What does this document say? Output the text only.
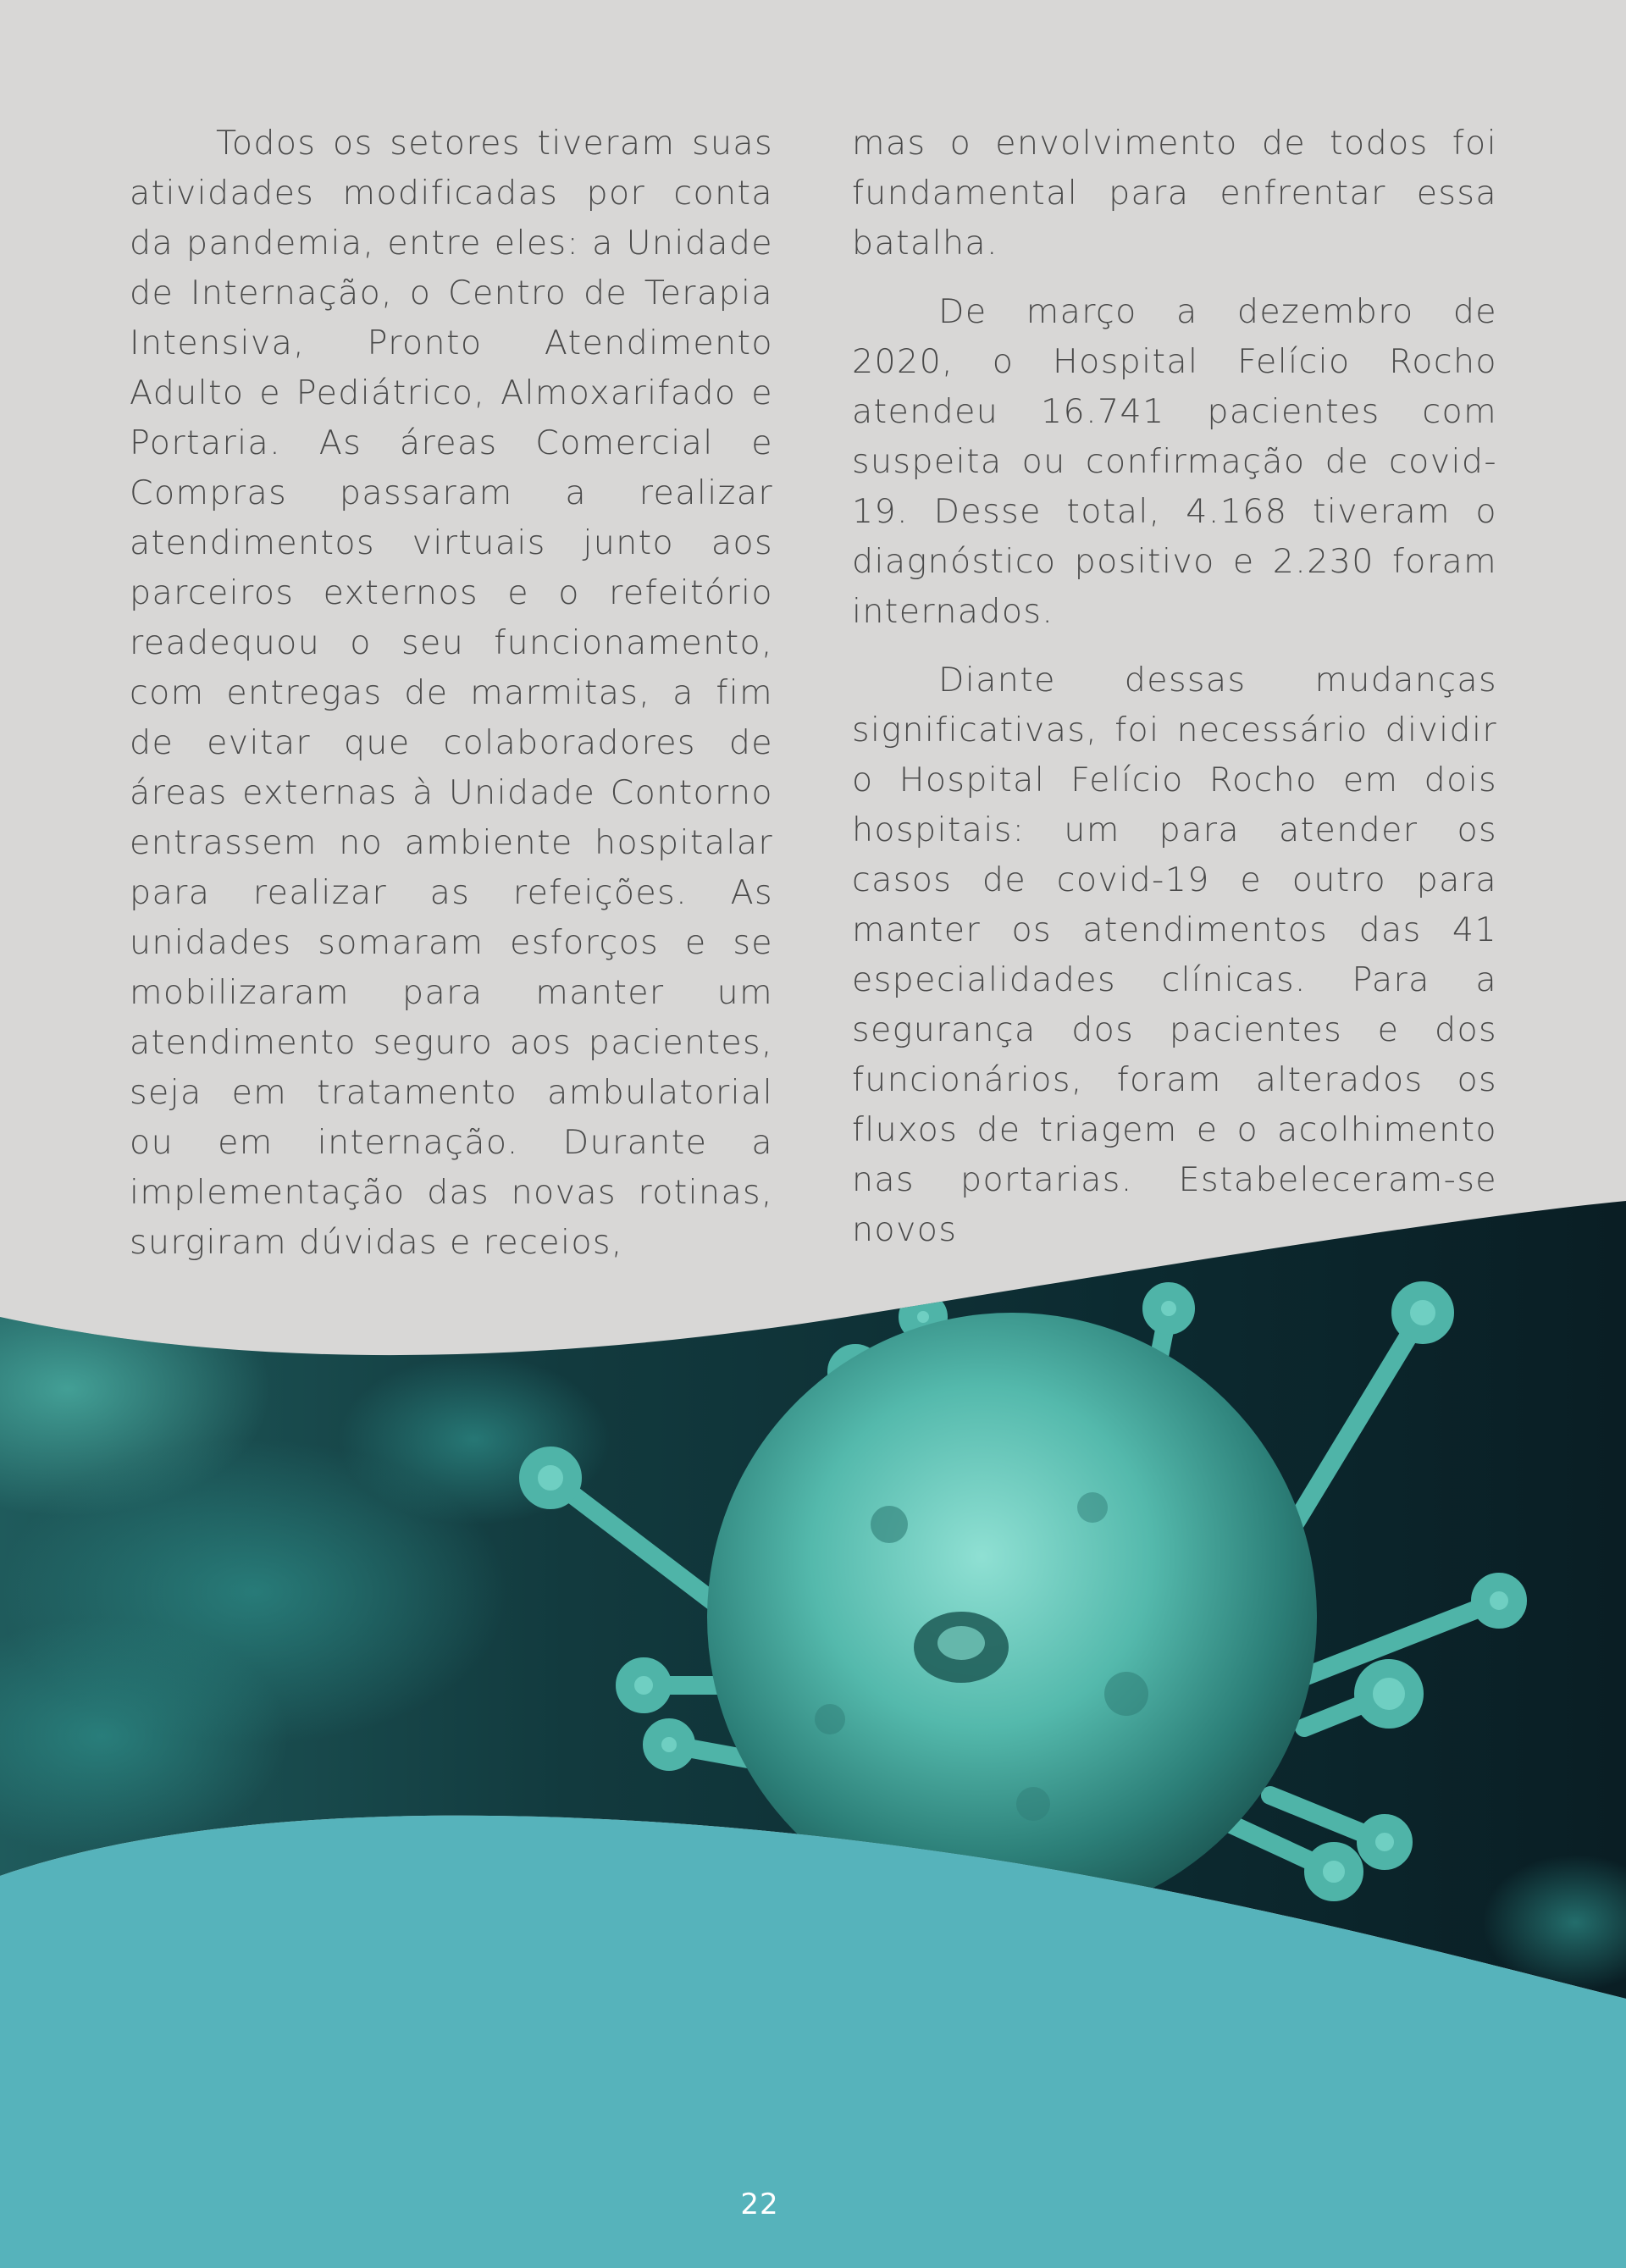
Todos os setores tiveram suas atividades modificadas por conta da pandemia, entre eles: a Unidade de Internação, o Centro de Terapia Intensiva, Pronto Atendimento Adulto e Pediátrico, Almoxarifado e Portaria. As áreas Comercial e Compras passaram a realizar atendimentos virtuais junto aos parceiros externos e o refeitório readequou o seu funcionamento, com entregas de marmitas, a fim de evitar que colaboradores de áreas externas à Unidade Contorno entrassem no ambiente hospitalar para realizar as refeições. As unidades somaram esforços e se mobilizaram para manter um atendimento seguro aos pacientes, seja em tratamento ambulatorial ou em internação. Durante a implementação das novas rotinas, surgiram dúvidas e receios,

mas o envolvimento de todos foi fundamental para enfrentar essa batalha.

De março a dezembro de 2020, o Hospital Felício Rocho atendeu 16.741 pacientes com suspeita ou confirmação de covid-19. Desse total, 4.168 tiveram o diagnóstico positivo e 2.230 foram internados.

Diante dessas mudanças significativas, foi necessário dividir o Hospital Felício Rocho em dois hospitais: um para atender os casos de covid-19 e outro para manter os atendimentos das 41 especialidades clínicas. Para a segurança dos pacientes e dos funcionários, foram alterados os fluxos de triagem e o acolhimento nas portarias. Estabeleceram-se novos

22
